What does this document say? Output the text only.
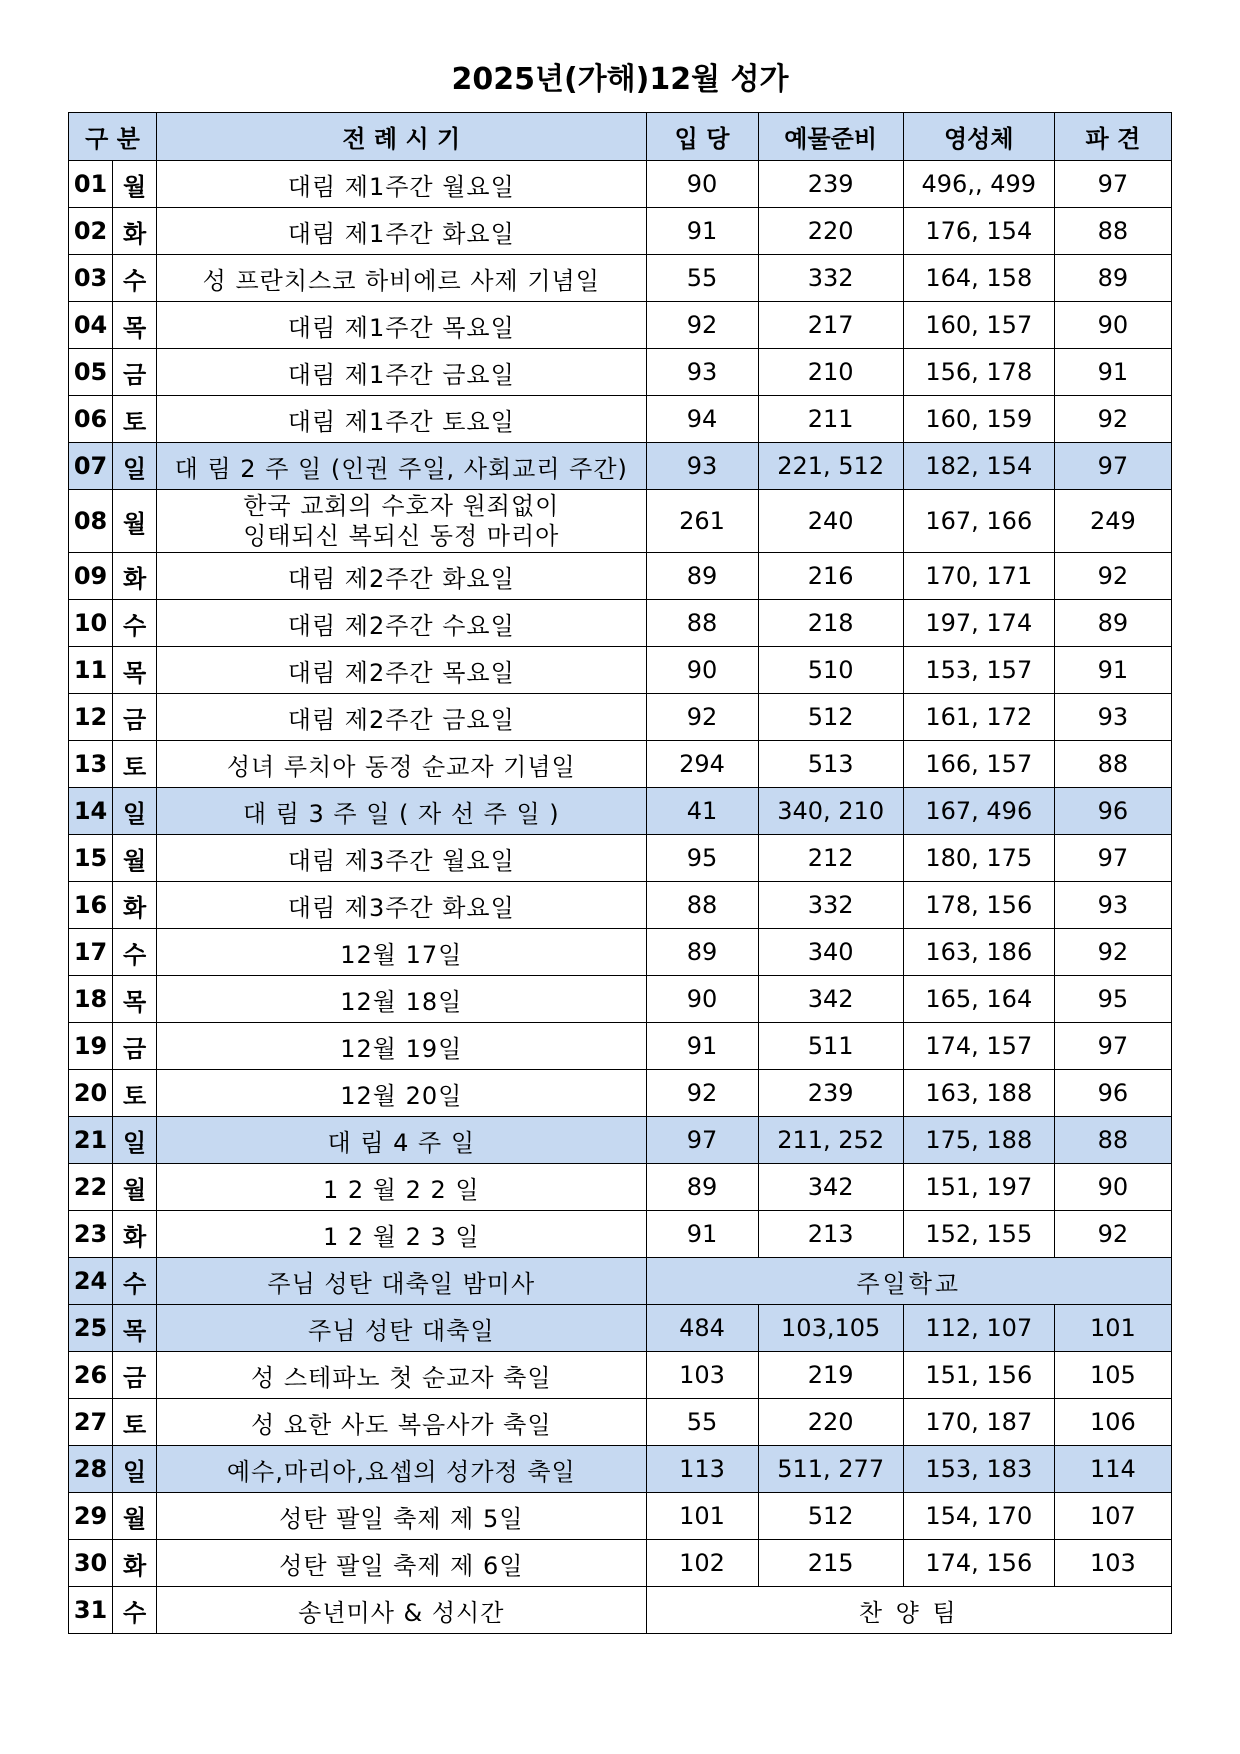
2025년(가해)12월 성가
구 분		전 례 시 기	입 당	예물준비	영성체	파 견
01	월	대림 제1주간 월요일	90	239	496,, 499	97
02	화	대림 제1주간 화요일	91	220	176, 154	88
03	수	성 프란치스코 하비에르 사제 기념일	55	332	164, 158	89
04	목	대림 제1주간 목요일	92	217	160, 157	90
05	금	대림 제1주간 금요일	93	210	156, 178	91
06	토	대림 제1주간 토요일	94	211	160, 159	92
07	일	대 림 2 주 일 (인권 주일, 사회교리 주간)	93	221, 512	182, 154	97
08	월	한국 교회의 수호자 원죄없이
잉태되신 복되신 동정 마리아	261	240	167, 166	249
09	화	대림 제2주간 화요일	89	216	170, 171	92
10	수	대림 제2주간 수요일	88	218	197, 174	89
11	목	대림 제2주간 목요일	90	510	153, 157	91
12	금	대림 제2주간 금요일	92	512	161, 172	93
13	토	성녀 루치아 동정 순교자 기념일	294	513	166, 157	88
14	일	대 림 3 주 일 ( 자 선 주 일 )	41	340, 210	167, 496	96
15	월	대림 제3주간 월요일	95	212	180, 175	97
16	화	대림 제3주간 화요일	88	332	178, 156	93
17	수	12월 17일	89	340	163, 186	92
18	목	12월 18일	90	342	165, 164	95
19	금	12월 19일	91	511	174, 157	97
20	토	12월 20일	92	239	163, 188	96
21	일	대 림 4 주 일	97	211, 252	175, 188	88
22	월	1 2 월 2 2 일	89	342	151, 197	90
23	화	1 2 월 2 3 일	91	213	152, 155	92
24	수	주님 성탄 대축일 밤미사	주일학교			
25	목	주님 성탄 대축일	484	103,105	112, 107	101
26	금	성 스테파노 첫 순교자 축일	103	219	151, 156	105
27	토	성 요한 사도 복음사가 축일	55	220	170, 187	106
28	일	예수,마리아,요셉의 성가정 축일	113	511, 277	153, 183	114
29	월	성탄 팔일 축제 제 5일	101	512	154, 170	107
30	화	성탄 팔일 축제 제 6일	102	215	174, 156	103
31	수	송년미사 & 성시간	찬 양 팀			
